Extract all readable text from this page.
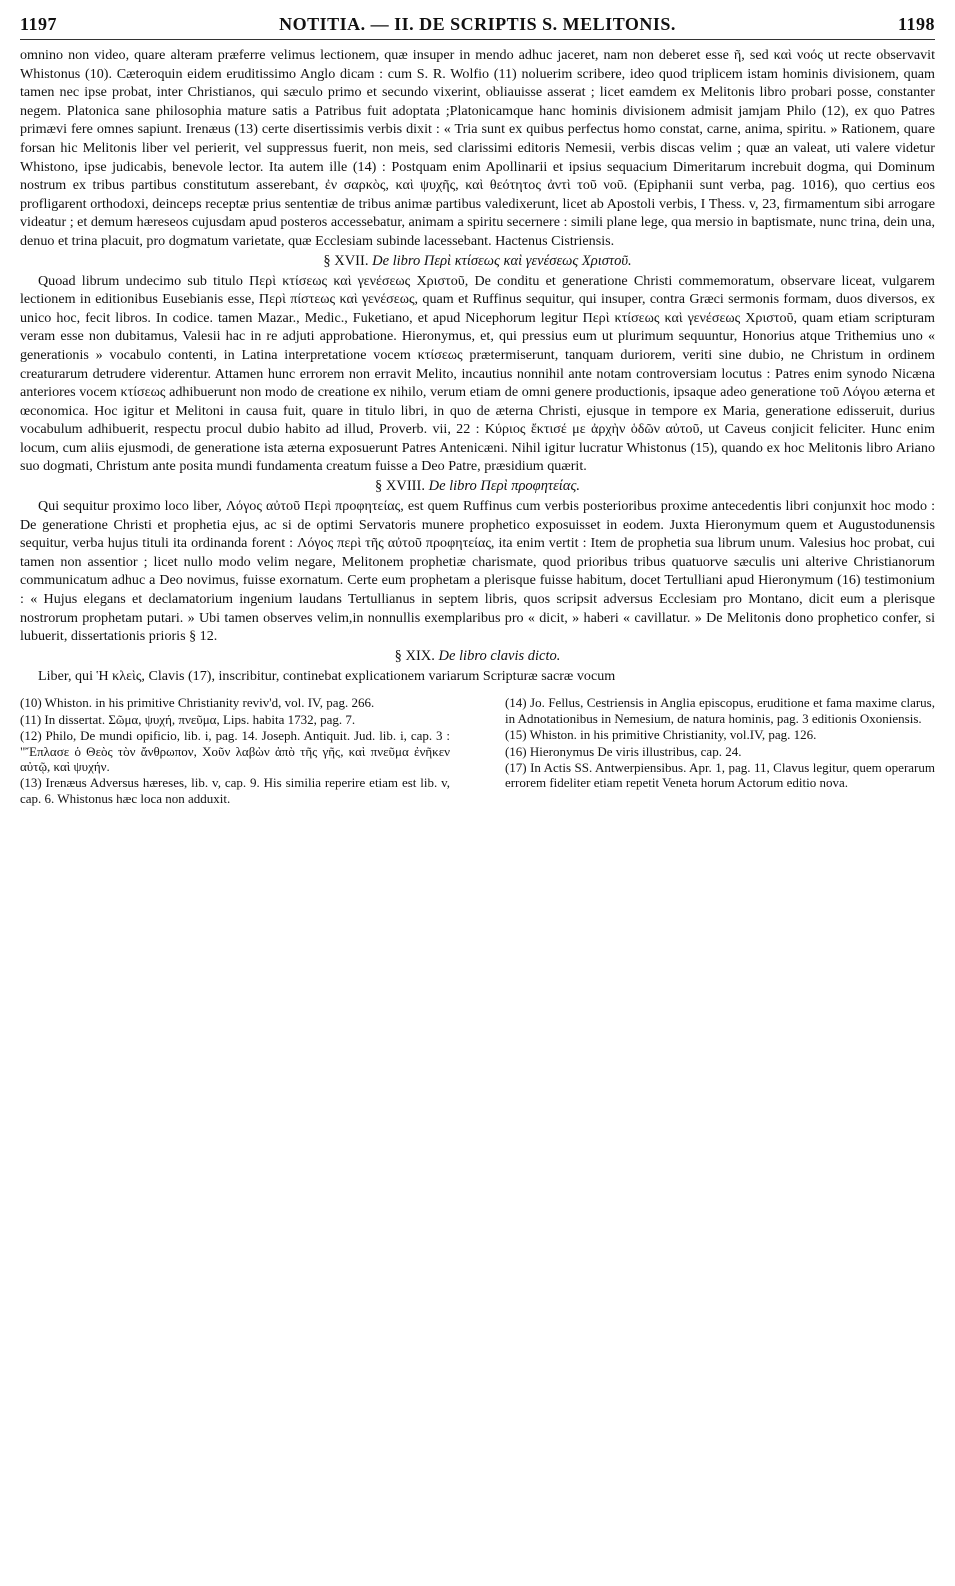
1197	NOTITIA. — II. DE SCRIPTIS S. MELITONIS.	1198

omnino non video, quare alteram præferre velimus lectionem, quæ insuper in mendo adhuc jaceret, nam non deberet esse ῆ, sed καὶ νοός ut recte observavit Whistonus (10). Cæteroquin eidem eruditissimo Anglo dicam : cum S. R. Wolfio (11) noluerim scribere, ideo quod triplicem istam hominis divisionem, quam tamen nec ipse probat, inter Christianos, qui sæculo primo et secundo vixerint, obliauisse asserat ; licet eamdem ex Melitonis libro probari posse, constanter negem. Platonica sane philosophia mature satis a Patribus fuit adoptata ;Platonicamque hanc hominis divisionem admisit jamjam Philo (12), ex quo Patres primævi fere omnes sapiunt. Irenæus (13) certe disertissimis verbis dixit : « Tria sunt ex quibus perfectus homo constat, carne, anima, spiritu. » Rationem, quare forsan hic Melitonis liber vel perierit, vel suppressus fuerit, non meis, sed clarissimi editoris Nemesii, verbis discas velim ; quæ an valeat, uti valere videtur Whistono, ipse judicabis, benevole lector. Ita autem ille (14) : Postquam enim Apollinarii et ipsius sequacium Dimeritarum increbuit dogma, qui Dominum nostrum ex tribus partibus constitutum asserebant, ἐν σαρκὸς, καὶ ψυχῆς, καὶ θεότητος ἀντὶ τοῦ νοῦ. (Epiphanii sunt verba, pag. 1016), quo certius eos profligarent orthodoxi, deinceps receptæ prius sententiæ de tribus animæ partibus valedixerunt, licet ab Apostoli verbis, I Thess. v, 23, firmamentum sibi arrogare videatur ; et demum hæreseos cujusdam apud posteros accessebatur, animam a spiritu secernere : simili plane lege, qua mersio in baptismate, nunc trina, dein una, denuo et trina placuit, pro dogmatum varietate, quæ Ecclesiam subinde lacessebant. Hactenus Cistriensis.

§ XVII. De libro Περὶ κτίσεως καὶ γενέσεως Χριστοῦ.

Quoad librum undecimo sub titulo Περὶ κτίσεως καὶ γενέσεως Χριστοῦ, De conditu et generatione Christi commemoratum, observare liceat, vulgarem lectionem in editionibus Eusebianis esse, Περὶ πίστεως καὶ γενέσεως, quam et Ruffinus sequitur, qui insuper, contra Græci sermonis formam, duos diversos, ex unico hoc, fecit libros. In codice. tamen Mazar., Medic., Fuketiano, et apud Nicephorum legitur Περὶ κτίσεως καὶ γενέσεως Χριστοῦ, quam etiam scripturam veram esse non dubitamus, Valesii hac in re adjuti approbatione. Hieronymus, et, qui pressius eum ut plurimum sequuntur, Honorius atque Trithemius uno « generationis » vocabulo contenti, in Latina interpretatione vocem κτίσεως prætermiserunt, tanquam duriorem, veriti sine dubio, ne Christum in ordinem creaturarum detrudere viderentur. Attamen hunc errorem non erravit Melito, incautius nonnihil ante notam controversiam locutus : Patres enim synodo Nicæna anteriores vocem κτίσεως adhibuerunt non modo de creatione ex nihilo, verum etiam de omni genere productionis, ipsaque adeo generatione τοῦ Λόγου æterna et œconomica. Hoc igitur et Melitoni in causa fuit, quare in titulo libri, in quo de æterna Christi, ejusque in tempore ex Maria, generatione edisseruit, durius vocabulum adhibuerit, respectu procul dubio habito ad illud, Proverb. vii, 22 : Κύριος ἔκτισέ με ἀρχὴν ὁδῶν αὐτοῦ, ut Caveus conjicit feliciter. Hunc enim locum, cum aliis ejusmodi, de generatione ista æterna exposuerunt Patres Antenicæni. Nihil igitur lucratur Whistonus (15), quando ex hoc Melitonis libro Ariano suo dogmati, Christum ante posita mundi fundamenta creatum fuisse a Deo Patre, præsidium quærit.

§ XVIII. De libro Περὶ προφητείας.

Qui sequitur proximo loco liber, Λόγος αὐτοῦ Περὶ προφητείας, est quem Ruffinus cum verbis posterioribus proxime antecedentis libri conjunxit hoc modo : De generatione Christi et prophetia ejus, ac si de optimi Servatoris munere prophetico exposuisset in eodem. Juxta Hieronymum quem et Augustodunensis sequitur, verba hujus tituli ita ordinanda forent : Λόγος περὶ τῆς αὐτοῦ προφητείας, ita enim vertit : Item de prophetia sua librum unum. Valesius hoc probat, cui tamen non assentior ; licet nullo modo velim negare, Melitonem prophetiæ charismate, quod prioribus tribus quatuorve sæculis uni alterive Christianorum communicatum adhuc a Deo novimus, fuisse exornatum. Certe eum prophetam a plerisque fuisse habitum, docet Tertulliani apud Hieronymum (16) testimonium : « Hujus elegans et declamatorium ingenium laudans Tertullianus in septem libris, quos scripsit adversus Ecclesiam pro Montano, dicit eum a plerisque nostrorum prophetam putari. » Ubi tamen observes velim,in nonnullis exemplaribus pro « dicit, » haberi « cavillatur. » De Melitonis dono prophetico confer, si lubuerit, dissertationis prioris § 12.

§ XIX. De libro clavis dicto.

Liber, qui Ἡ κλεὶς, Clavis (17), inscribitur, continebat explicationem variarum Scripturæ sacræ vocum

(10) Whiston. in his primitive Christianity reviv'd, vol. IV, pag. 266.

(11) In dissertat. Σῶμα, ψυχή, πνεῦμα, Lips. habita 1732, pag. 7.

(12) Philo, De mundi opificio, lib. i, pag. 14. Joseph. Antiquit. Jud. lib. i, cap. 3 : "Ἔπλασε ὁ Θεὸς τὸν ἄνθρωπον, Χοῦν λαβὼν ἀπὸ τῆς γῆς, καὶ πνεῦμα ἐνῆκεν αὐτῷ, καὶ ψυχήν.

(13) Irenæus Adversus hæreses, lib. v, cap. 9. His similia reperire etiam est lib. v, cap. 6. Whistonus hæc loca non adduxit.

(14) Jo. Fellus, Cestriensis in Anglia episcopus, eruditione et fama maxime clarus, in Adnotationibus in Nemesium, de natura hominis, pag. 3 editionis Oxoniensis.

(15) Whiston. in his primitive Christianity, vol.IV, pag. 126.

(16) Hieronymus De viris illustribus, cap. 24.

(17) In Actis SS. Antwerpiensibus. Apr. 1, pag. 11, Clavus legitur, quem operarum errorem fideliter etiam repetit Veneta horum Actorum editio nova.
